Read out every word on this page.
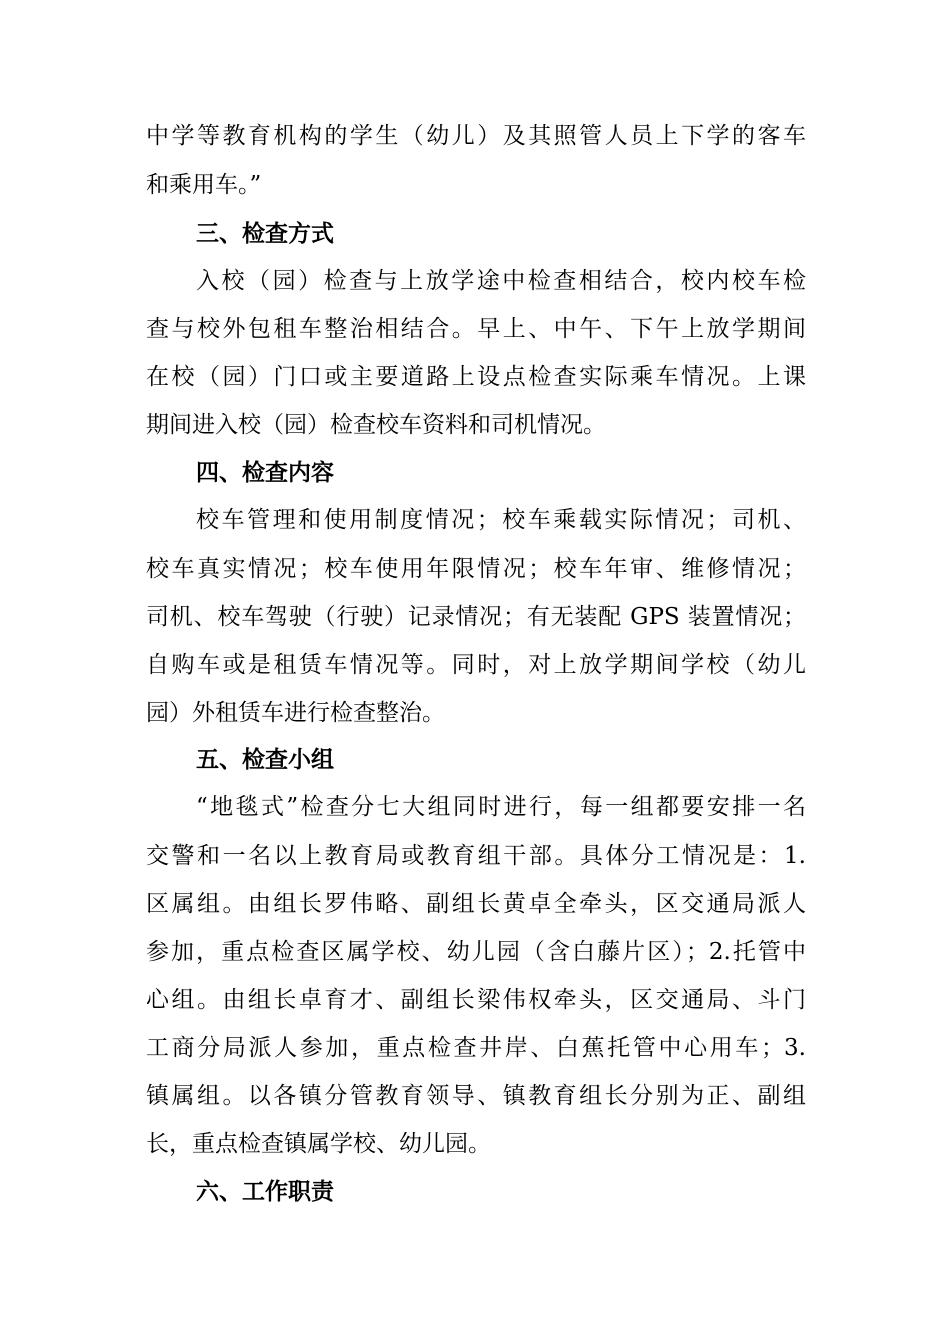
中学等教育机构的学生（幼儿）及其照管人员上下学的客车
和乘用车。”
三、检查方式
入校（园）检查与上放学途中检查相结合，校内校车检
查与校外包租车整治相结合。早上、中午、下午上放学期间
在校（园）门口或主要道路上设点检查实际乘车情况。上课
期间进入校（园）检查校车资料和司机情况。
四、检查内容
校车管理和使用制度情况；校车乘载实际情况；司机、
校车真实情况；校车使用年限情况；校车年审、维修情况；
司机、校车驾驶（行驶）记录情况；有无装配 GPS 装置情况；
自购车或是租赁车情况等。同时，对上放学期间学校（幼儿
园）外租赁车进行检查整治。
五、检查小组
“地毯式”检查分七大组同时进行，每一组都要安排一名
交警和一名以上教育局或教育组干部。具体分工情况是：1.
区属组。由组长罗伟略、副组长黄卓全牵头，区交通局派人
参加，重点检查区属学校、幼儿园（含白藤片区）；2.托管中
心组。由组长卓育才、副组长梁伟权牵头，区交通局、斗门
工商分局派人参加，重点检查井岸、白蕉托管中心用车；3.
镇属组。以各镇分管教育领导、镇教育组长分别为正、副组
长，重点检查镇属学校、幼儿园。
六、工作职责
